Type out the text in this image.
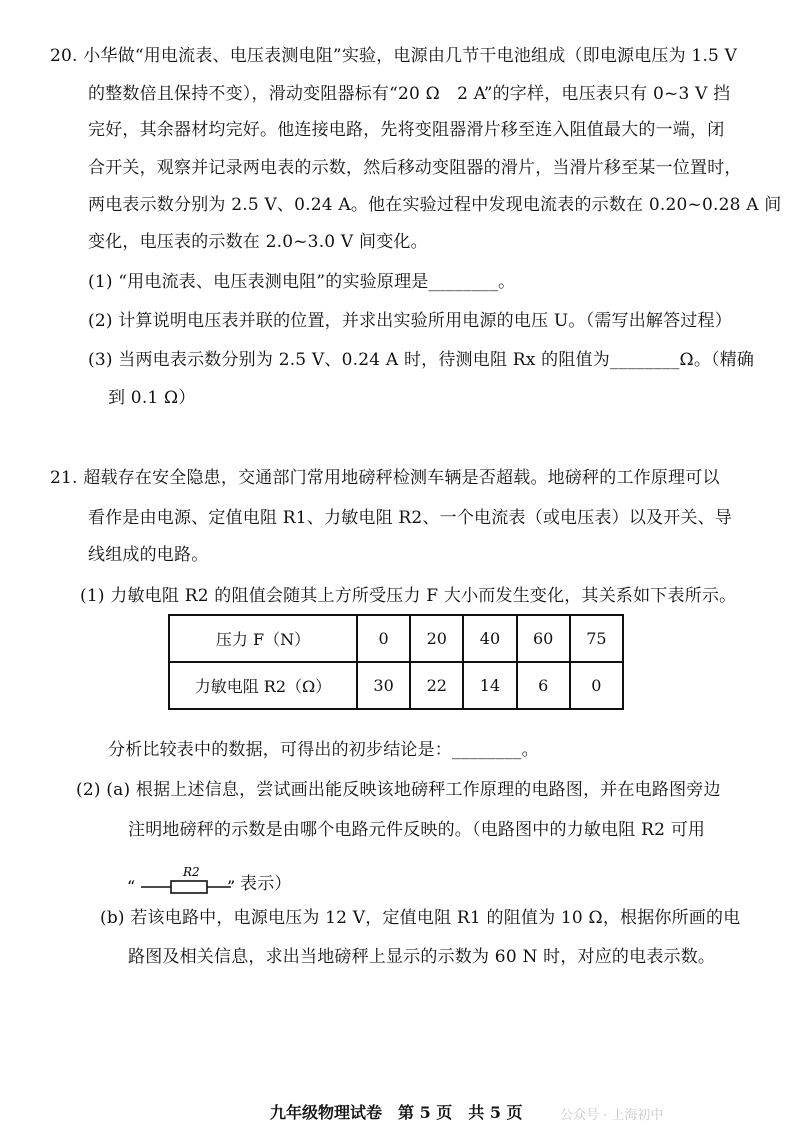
20. 小华做“用电流表、电压表测电阻”实验，电源由几节干电池组成（即电源电压为 1.5 V
的整数倍且保持不变），滑动变阻器标有“20 Ω　2 A”的字样，电压表只有 0~3 V 挡
完好，其余器材均完好。他连接电路，先将变阻器滑片移至连入阻值最大的一端，闭
合开关，观察并记录两电表的示数，然后移动变阻器的滑片，当滑片移至某一位置时，
两电表示数分别为 2.5 V、0.24 A。他在实验过程中发现电流表的示数在 0.20~0.28 A 间
变化，电压表的示数在 2.0~3.0 V 间变化。
(1) “用电流表、电压表测电阻”的实验原理是________。
(2) 计算说明电压表并联的位置，并求出实验所用电源的电压 U。（需写出解答过程）
(3) 当两电表示数分别为 2.5 V、0.24 A 时，待测电阻 Rx 的阻值为________Ω。（精确
到 0.1 Ω）
21. 超载存在安全隐患，交通部门常用地磅秤检测车辆是否超载。地磅秤的工作原理可以
看作是由电源、定值电阻 R1、力敏电阻 R2、一个电流表（或电压表）以及开关、导
线组成的电路。
(1) 力敏电阻 R2 的阻值会随其上方所受压力 F 大小而发生变化，其关系如下表所示。
压力 F（N）	0	20	40	60	75
力敏电阻 R2（Ω）	30	22	14	6	0
分析比较表中的数据，可得出的初步结论是：________。
(2) (a) 根据上述信息，尝试画出能反映该地磅秤工作原理的电路图，并在电路图旁边
注明地磅秤的示数是由哪个电路元件反映的。（电路图中的力敏电阻 R2 可用
“
R2
” 表示）
(b) 若该电路中，电源电压为 12 V，定值电阻 R1 的阻值为 10 Ω，根据你所画的电
路图及相关信息，求出当地磅秤上显示的示数为 60 N 时，对应的电表示数。
九年级物理试卷　第 5 页　共 5 页	公众号 · 上海初中
